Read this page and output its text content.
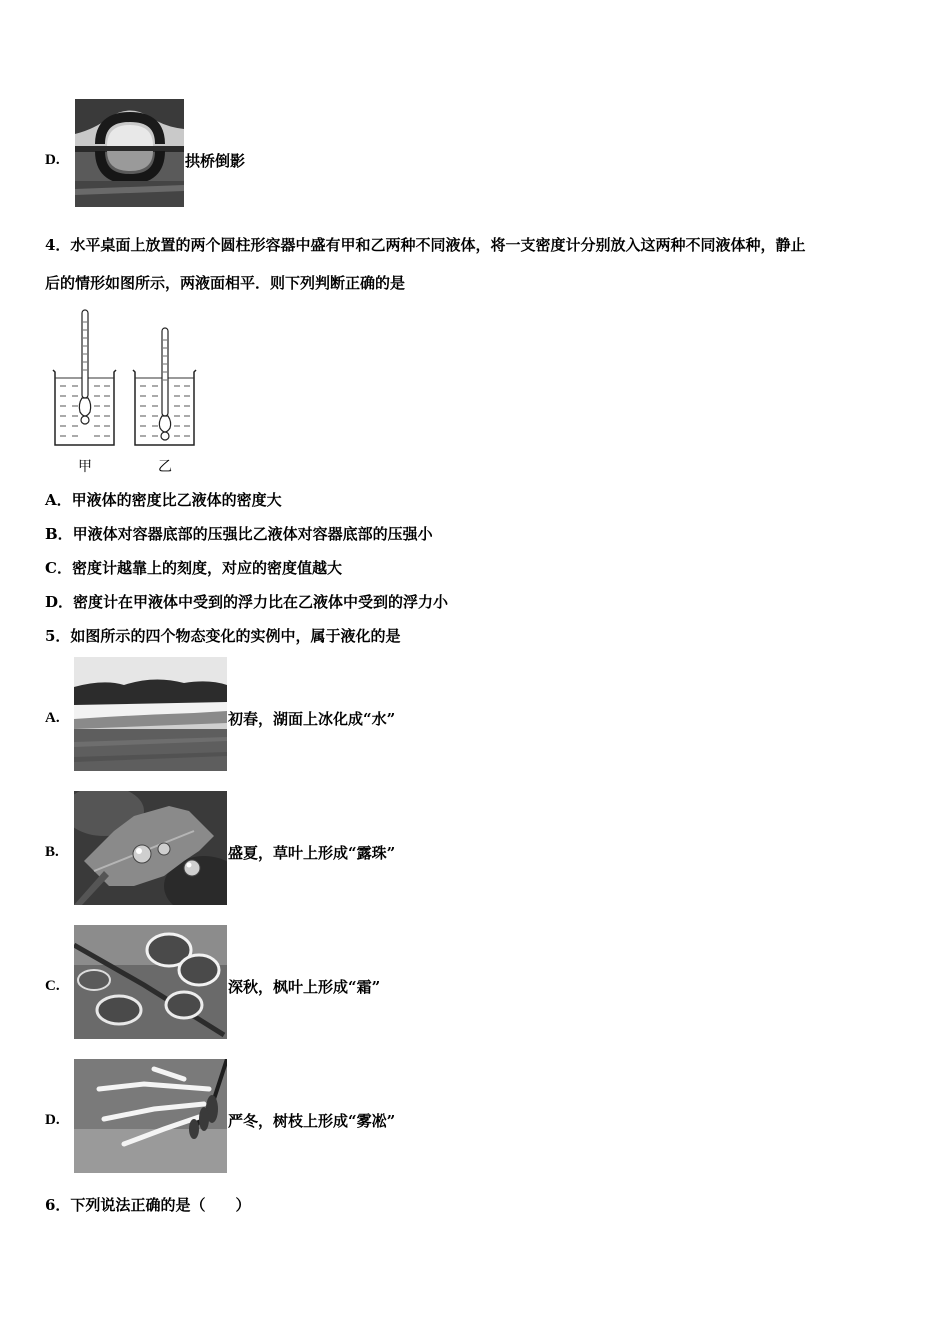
D.	拱桥倒影
4．水平桌面上放置的两个圆柱形容器中盛有甲和乙两种不同液体，将一支密度计分别放入这两种不同液体种，静止
后的情形如图所示，两液面相平．则下列判断正确的是
甲	乙
A．甲液体的密度比乙液体的密度大
B．甲液体对容器底部的压强比乙液体对容器底部的压强小
C．密度计越靠上的刻度，对应的密度值越大
D．密度计在甲液体中受到的浮力比在乙液体中受到的浮力小
5．如图所示的四个物态变化的实例中，属于液化的是
A.	初春，湖面上冰化成“水”
B.	盛夏，草叶上形成“露珠”
C.	深秋，枫叶上形成“霜”
D.	严冬，树枝上形成“雾凇”
6．下列说法正确的是（　　）
